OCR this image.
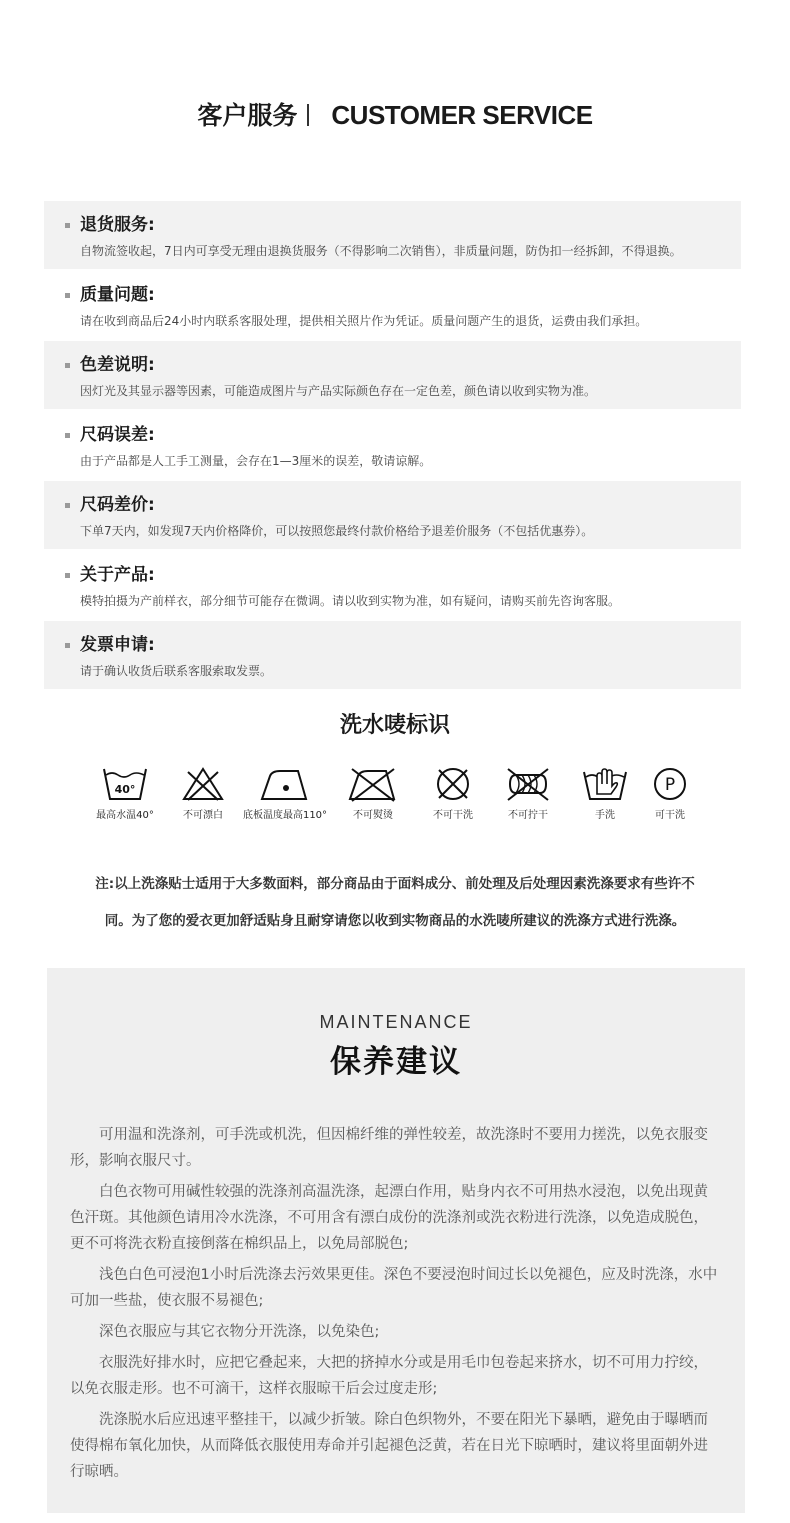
客户服务 CUSTOMER SERVICE
退货服务:
自物流签收起，7日内可享受无理由退换货服务（不得影响二次销售），非质量问题，防伪扣一经拆卸，不得退换。
质量问题:
请在收到商品后24小时内联系客服处理，提供相关照片作为凭证。质量问题产生的退货，运费由我们承担。
色差说明:
因灯光及其显示器等因素，可能造成图片与产品实际颜色存在一定色差，颜色请以收到实物为准。
尺码误差:
由于产品都是人工手工测量，会存在1—3厘米的误差，敬请谅解。
尺码差价:
下单7天内，如发现7天内价格降价，可以按照您最终付款价格给予退差价服务（不包括优惠券）。
关于产品:
模特拍摄为产前样衣，部分细节可能存在微调。请以收到实物为准，如有疑问，请购买前先咨询客服。
发票申请:
请于确认收货后联系客服索取发票。
洗水唛标识
40°
最高水温40°	不可漂白	底板温度最高110°	不可熨烫	不可干洗	不可拧干	手洗
P
可干洗
注:以上洗涤贴士适用于大多数面料，部分商品由于面料成分、前处理及后处理因素洗涤要求有些许不
同。为了您的爱衣更加舒适贴身且耐穿请您以收到实物商品的水洗唛所建议的洗涤方式进行洗涤。
MAINTENANCE
保养建议

可用温和洗涤剂，可手洗或机洗，但因棉纤维的弹性较差，故洗涤时不要用力搓洗，以免衣服变形，影响衣服尺寸。

白色衣物可用碱性较强的洗涤剂高温洗涤，起漂白作用，贴身内衣不可用热水浸泡，以免出现黄色汗斑。其他颜色请用冷水洗涤，不可用含有漂白成份的洗涤剂或洗衣粉进行洗涤，以免造成脱色，更不可将洗衣粉直接倒落在棉织品上，以免局部脱色;

浅色白色可浸泡1小时后洗涤去污效果更佳。深色不要浸泡时间过长以免褪色，应及时洗涤，水中可加一些盐，使衣服不易褪色;

深色衣服应与其它衣物分开洗涤，以免染色;

衣服洗好排水时，应把它叠起来，大把的挤掉水分或是用毛巾包卷起来挤水，切不可用力拧绞，以免衣服走形。也不可滴干，这样衣服晾干后会过度走形;

洗涤脱水后应迅速平整挂干，以减少折皱。除白色织物外，不要在阳光下暴晒，避免由于曝晒而使得棉布氧化加快，从而降低衣服使用寿命并引起褪色泛黄，若在日光下晾晒时，建议将里面朝外进行晾晒。
